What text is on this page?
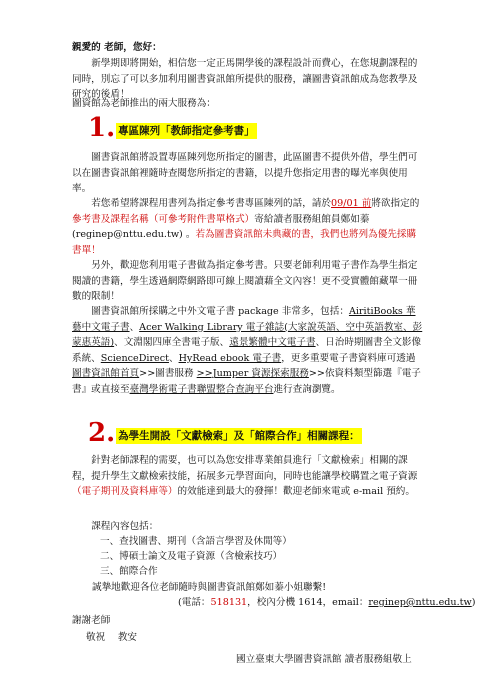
親愛的 老師，您好：

新學期即將開始，相信您一定正馬開學後的課程設計而費心，在您規劃課程的同時，別忘了可以多加利用圖書資訊館所提供的服務，讓圖書資訊館成為您教學及研究的後盾！

圖資館為老師推出的兩大服務為：

1. 專區陳列「教師指定參考書」

圖書資訊館將設置專區陳列您所指定的圖書，此區圖書不提供外借，學生們可以在圖書資訊館裡隨時查閱您所指定的書籍，以提升您指定用書的曝光率與使用率。

若您希望將課程用書列為指定參考書專區陳列的話，請於09/01 前將欲指定的參考書及課程名稱（可參考附件書單格式）寄給讀者服務組館員鄭如蓁(reginep@nttu.edu.tw) 。若為圖書資訊館未典藏的書，我們也將列為優先採購書單！

另外，歡迎您利用電子書做為指定參考書。只要老師利用電子書作為學生指定閱讀的書籍，學生透過網際網路即可線上閱讀藉全文內容！更不受實體館藏單一冊數的限制！

圖書資訊館所採購之中外文電子書 package 非常多，包括：AiritiBooks 華藝中文電子書、Acer Walking Library 電子雜誌(大家說英語、空中英語教室、彭蒙惠英語)、文淵閣四庫全書電子版、遠景繁體中文電子書、日治時期圖書全文影像系統、ScienceDirect、HyRead ebook 電子書，更多重要電子書資料庫可透過圖書資訊館首頁>>圖書服務 >>Jumper 資源探索服務>>依資料類型篩選『電子書』或直接至臺灣學術電子書聯盟整合查詢平台進行查詢瀏覽。

2. 為學生開設「文獻檢索」及「館際合作」相關課程：

針對老師課程的需要，也可以為您安排專業館員進行「文獻檢索」相關的課程，提升學生文獻檢索技能，拓展多元學習面向，同時也能讓學校購置之電子資源（電子期刊及資料庫等）的效能達到最大的發揮！歡迎老師來電或 e-mail 預約。

課程內容包括：

一、查找圖書、期刊（含語言學習及休閒等）
二、博碩士論文及電子資源（含檢索技巧）
三、館際合作
誠摯地歡迎各位老師隨時與圖書資訊館鄭如蓁小姐聯繫!
(電話：518131，校內分機 1614，email：reginep@nttu.edu.tw)
謝謝老師
敬祝　 教安
國立臺東大學圖書資訊館 讀者服務組敬上
